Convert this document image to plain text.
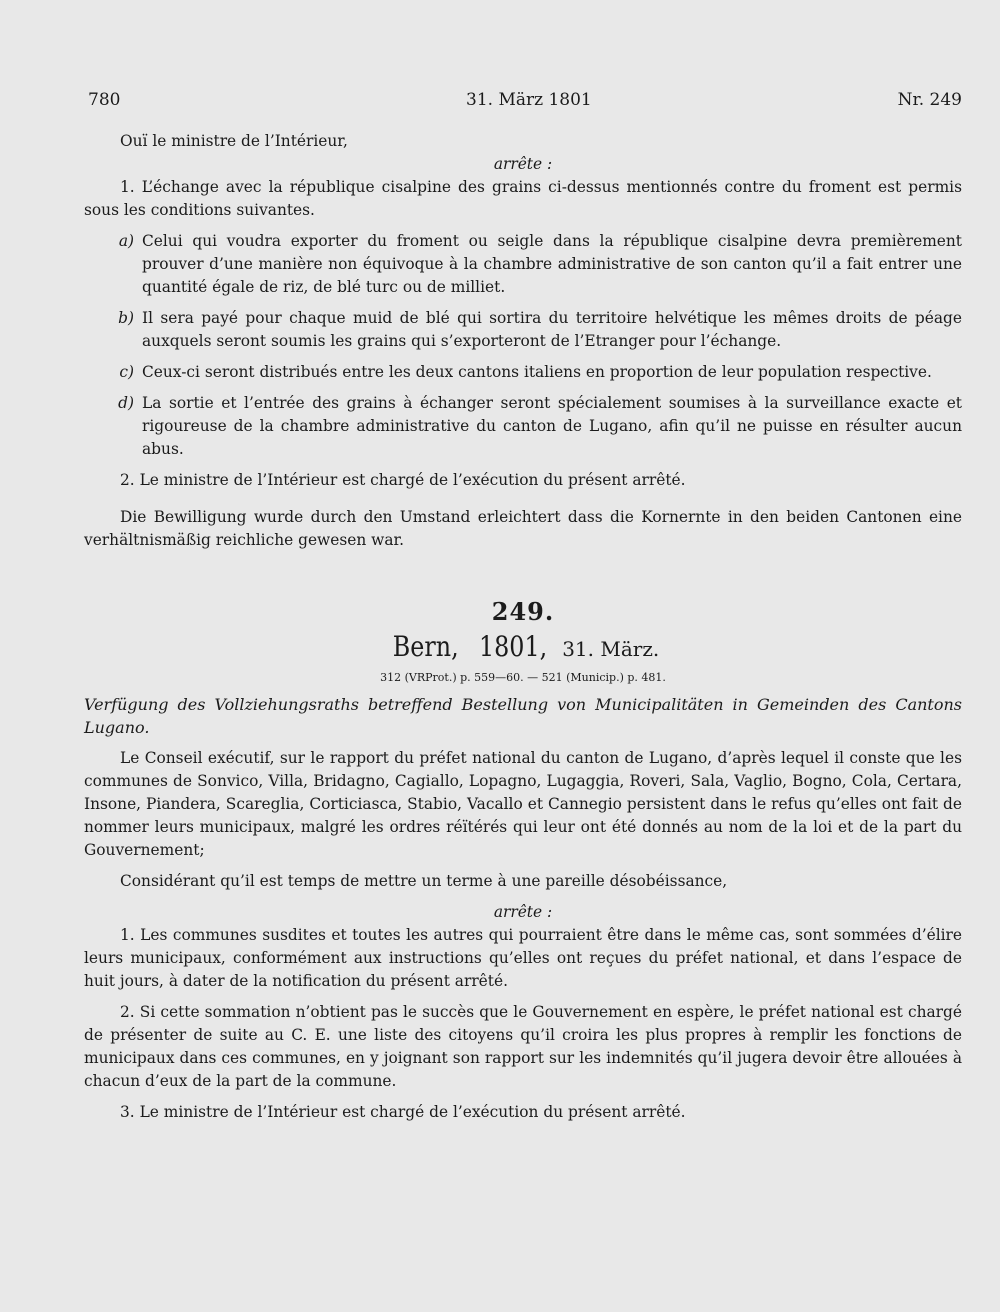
780	31. März 1801	Nr. 249

Ouï le ministre de l’Intérieur,

arrête :

1. L’échange avec la république cisalpine des grains ci-dessus mentionnés contre du froment est permis sous les conditions suivantes.

a) Celui qui voudra exporter du froment ou seigle dans la république cisalpine devra premièrement prouver d’une manière non équivoque à la chambre administrative de son canton qu’il a fait entrer une quantité égale de riz, de blé turc ou de milliet.
b) Il sera payé pour chaque muid de blé qui sortira du territoire helvétique les mêmes droits de péage auxquels seront soumis les grains qui s’exporteront de l’Etranger pour l’échange.
c) Ceux-ci seront distribués entre les deux cantons italiens en proportion de leur population respective.
d) La sortie et l’entrée des grains à échanger seront spécialement soumises à la surveillance exacte et rigoureuse de la chambre administrative du canton de Lugano, afin qu’il ne puisse en résulter aucun abus.

2. Le ministre de l’Intérieur est chargé de l’exécution du présent arrêté.

Die Bewilligung wurde durch den Umstand erleichtert dass die Kornernte in den beiden Cantonen eine verhältnismäßig reichliche gewesen war.

249.
Bern, 1801, 31. März.
312 (VRProt.) p. 559—60. — 521 (Municip.) p. 481.

Verfügung des Vollziehungsraths betreffend Bestellung von Municipalitäten in Gemeinden des Cantons Lugano.

Le Conseil exécutif, sur le rapport du préfet national du canton de Lugano, d’après lequel il conste que les communes de Sonvico, Villa, Bridagno, Cagiallo, Lopagno, Lugaggia, Roveri, Sala, Vaglio, Bogno, Cola, Certara, Insone, Piandera, Scareglia, Corticiasca, Stabio, Vacallo et Cannegio persistent dans le refus qu’elles ont fait de nommer leurs municipaux, malgré les ordres réïtérés qui leur ont été donnés au nom de la loi et de la part du Gouvernement;

Considérant qu’il est temps de mettre un terme à une pareille désobéissance,

arrête :

1. Les communes susdites et toutes les autres qui pourraient être dans le même cas, sont sommées d’élire leurs municipaux, conformément aux instructions qu’elles ont reçues du préfet national, et dans l’espace de huit jours, à dater de la notification du présent arrêté.

2. Si cette sommation n’obtient pas le succès que le Gouvernement en espère, le préfet national est chargé de présenter de suite au C. E. une liste des citoyens qu’il croira les plus propres à remplir les fonctions de municipaux dans ces communes, en y joignant son rapport sur les indemnités qu’il jugera devoir être allouées à chacun d’eux de la part de la commune.

3. Le ministre de l’Intérieur est chargé de l’exécution du présent arrêté.
